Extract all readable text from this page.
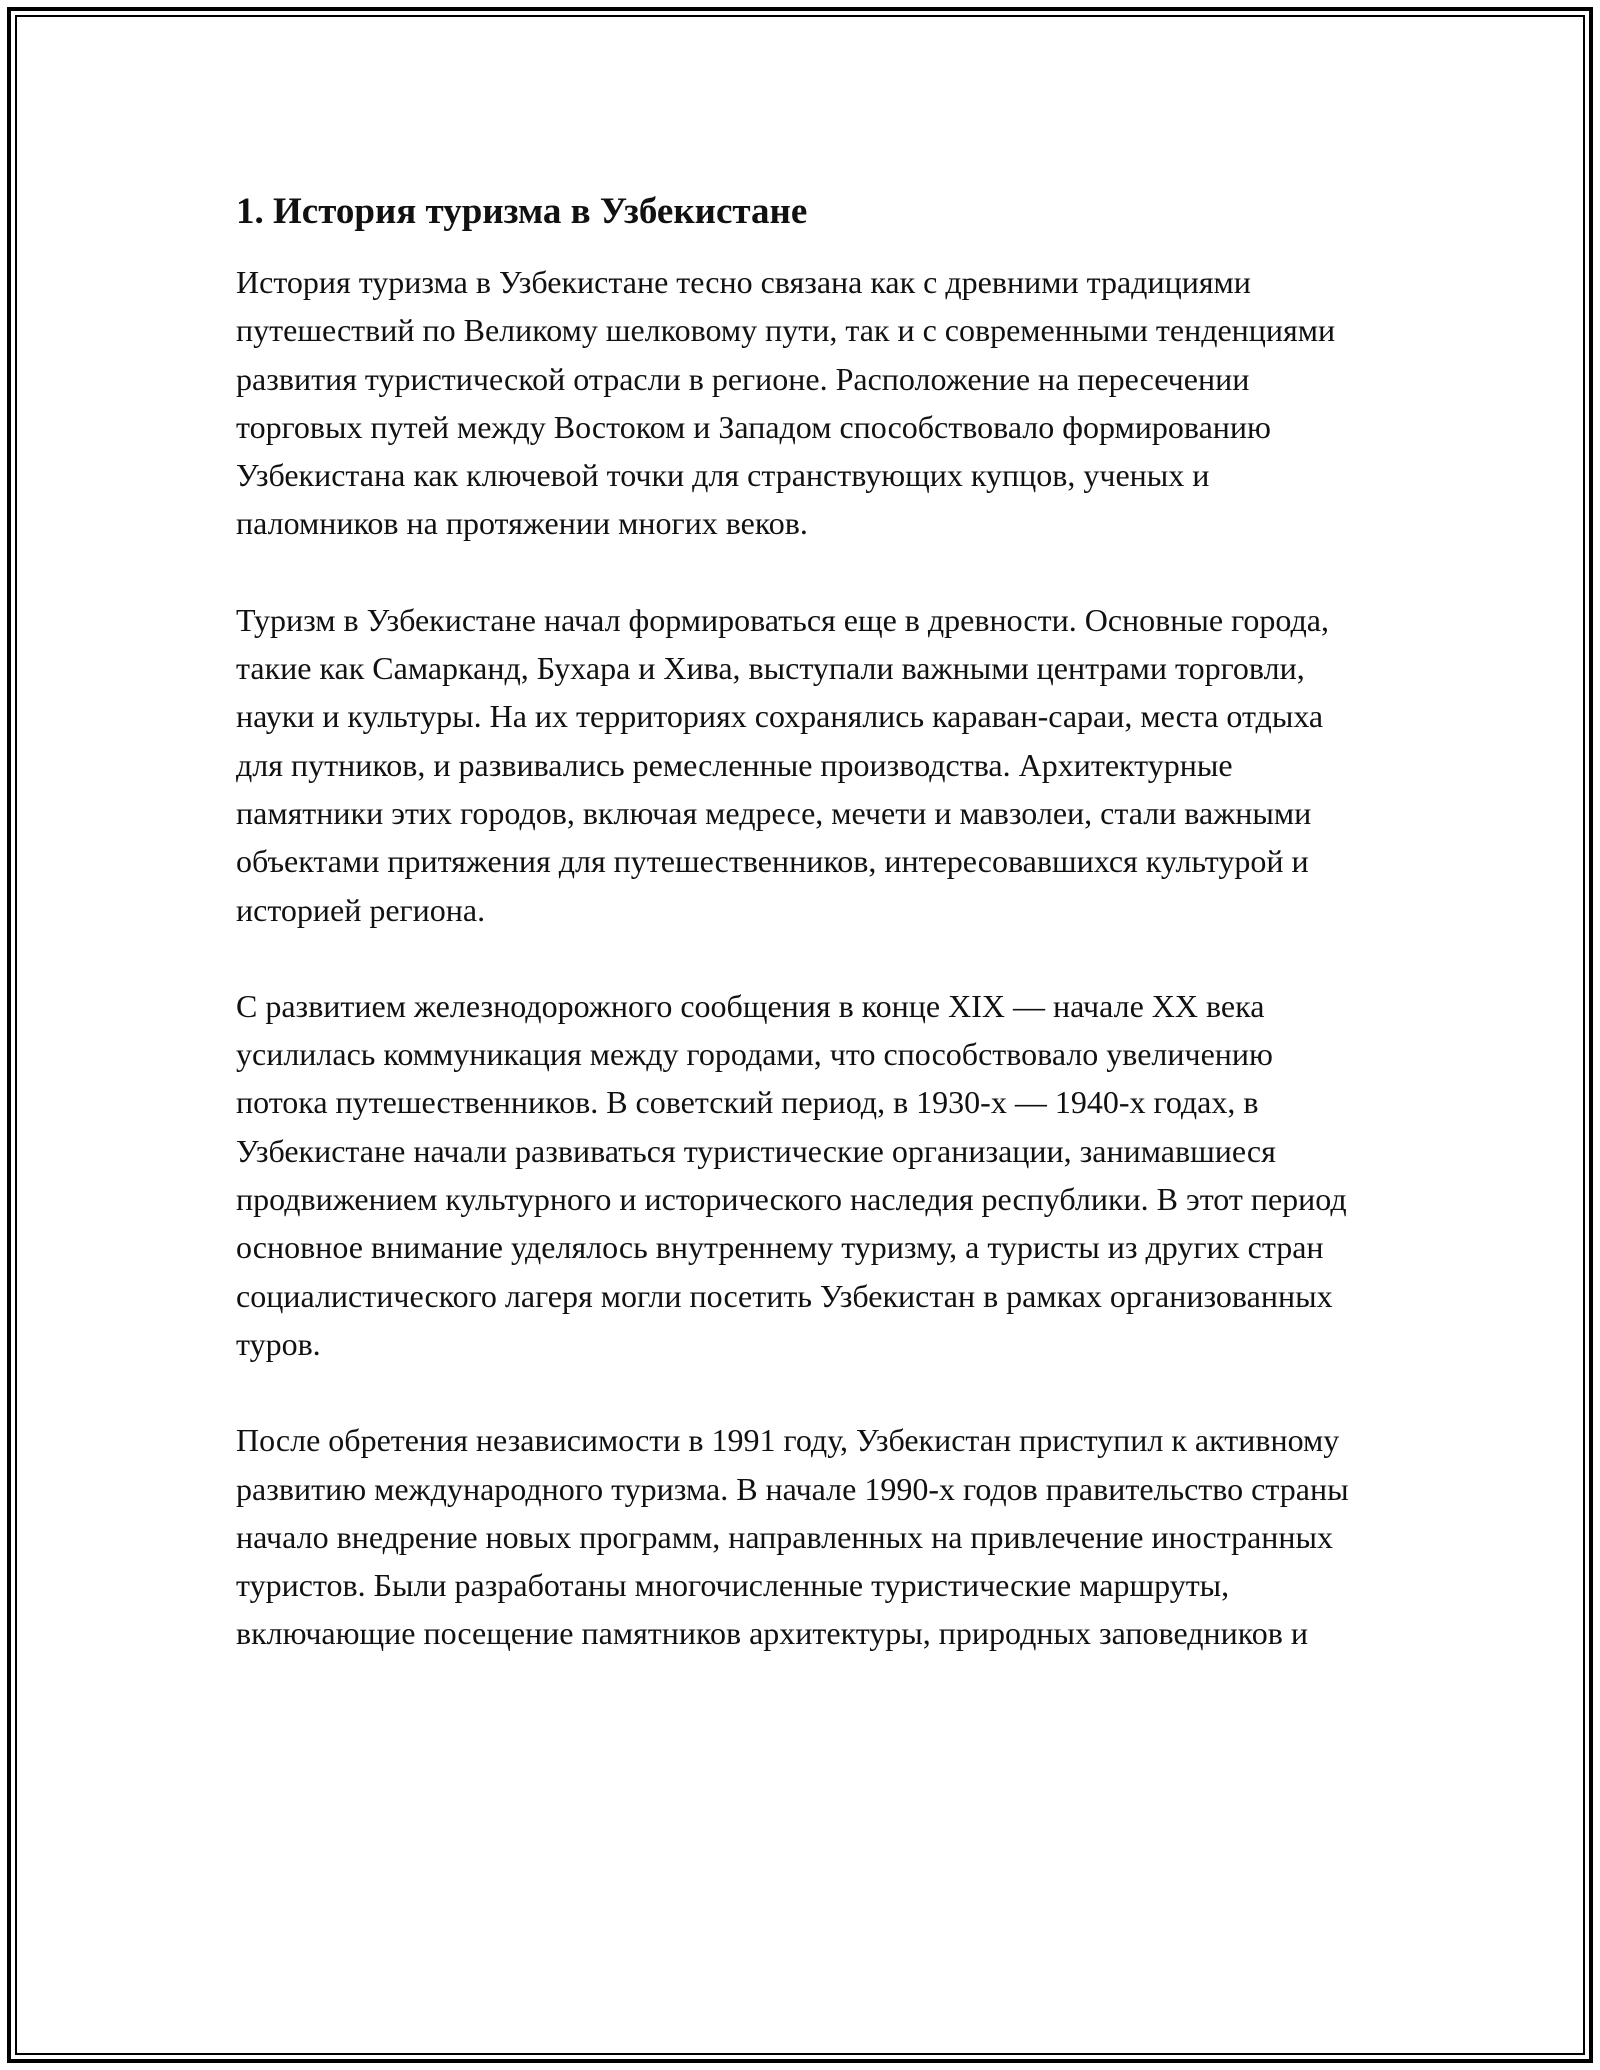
1. История туризма в Узбекистане

История туризма в Узбекистане тесно связана как с древними традициями путешествий по Великому шелковому пути, так и с современными тенденциями развития туристической отрасли в регионе. Расположение на пересечении торговых путей между Востоком и Западом способствовало формированию Узбекистана как ключевой точки для странствующих купцов, ученых и паломников на протяжении многих веков.

Туризм в Узбекистане начал формироваться еще в древности. Основные города, такие как Самарканд, Бухара и Хива, выступали важными центрами торговли, науки и культуры. На их территориях сохранялись караван-сараи, места отдыха для путников, и развивались ремесленные производства. Архитектурные памятники этих городов, включая медресе, мечети и мавзолеи, стали важными объектами притяжения для путешественников, интересовавшихся культурой и историей региона.

С развитием железнодорожного сообщения в конце XIX — начале XX века усилилась коммуникация между городами, что способствовало увеличению потока путешественников. В советский период, в 1930-х — 1940-х годах, в Узбекистане начали развиваться туристические организации, занимавшиеся продвижением культурного и исторического наследия республики. В этот период основное внимание уделялось внутреннему туризму, а туристы из других стран социалистического лагеря могли посетить Узбекистан в рамках организованных туров.

После обретения независимости в 1991 году, Узбекистан приступил к активному развитию международного туризма. В начале 1990-х годов правительство страны начало внедрение новых программ, направленных на привлечение иностранных туристов. Были разработаны многочисленные туристические маршруты, включающие посещение памятников архитектуры, природных заповедников и
